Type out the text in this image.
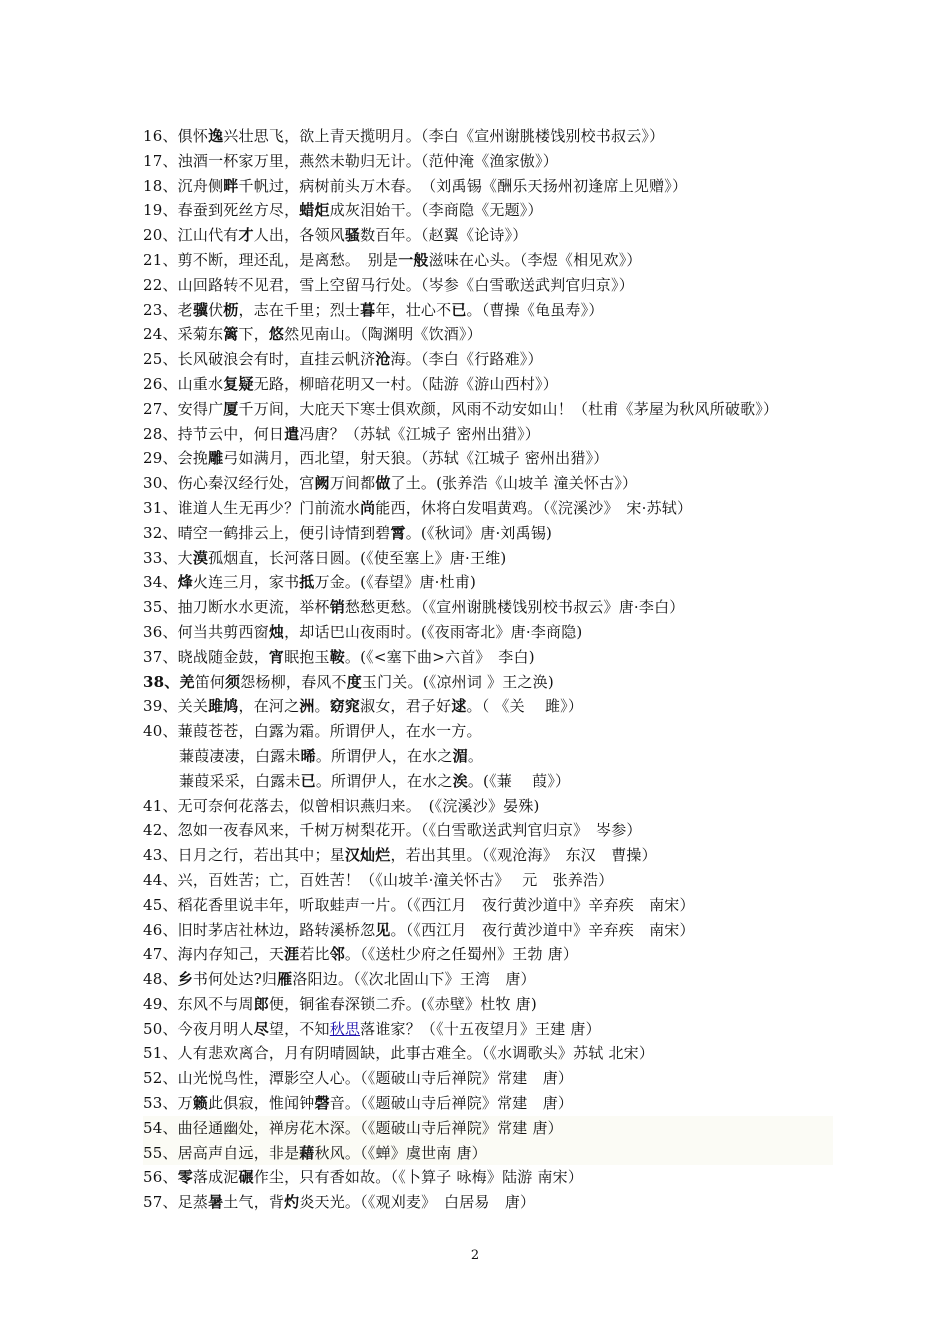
16、俱怀逸兴壮思飞，欲上青天揽明月。（李白《宣州谢朓楼饯别校书叔云》）
17、浊酒一杯家万里，燕然未勒归无计。（范仲淹《渔家傲》）
18、沉舟侧畔千帆过，病树前头万木春。　（刘禹锡《酬乐天扬州初逢席上见赠》）
19、春蚕到死丝方尽，蜡炬成灰泪始干。（李商隐《无题》）
20、江山代有才人出，各领风骚数百年。（赵翼《论诗》）
21、剪不断，理还乱，是离愁。　别是一般滋味在心头。（李煜《相见欢》）
22、山回路转不见君，雪上空留马行处。（岑参《白雪歌送武判官归京》）
23、老骥伏枥，志在千里；烈士暮年，壮心不已。（曹操《龟虽寿》）
24、采菊东篱下，悠然见南山。（陶渊明《饮酒》）
25、长风破浪会有时，直挂云帆济沧海。（李白《行路难》）
26、山重水复疑无路，柳暗花明又一村。（陆游《游山西村》）
27、安得广厦千万间，大庇天下寒士俱欢颜，风雨不动安如山！（杜甫《茅屋为秋风所破歌》）
28、持节云中，何日遣冯唐？（苏轼《江城子 密州出猎》）
29、会挽雕弓如满月，西北望，射天狼。（苏轼《江城子 密州出猎》）
30、伤心秦汉经行处，宫阙万间都做了土。(张养浩《山坡羊 潼关怀古》）
31、谁道人生无再少？门前流水尚能西，休将白发唱黄鸡。（《浣溪沙》　宋·苏轼）
32、晴空一鹤排云上，便引诗情到碧霄。(《秋词》唐·刘禹锡)
33、大漠孤烟直，长河落日圆。(《使至塞上》唐·王维)
34、烽火连三月，家书抵万金。(《春望》唐·杜甫)
35、抽刀断水水更流，举杯销愁愁更愁。（《宣州谢朓楼饯别校书叔云》唐·李白）
36、何当共剪西窗烛，却话巴山夜雨时。(《夜雨寄北》唐·李商隐)
37、晓战随金鼓，宵眠抱玉鞍。(《<塞下曲>六首》　李白)
38、羌笛何须怨杨柳，春风不度玉门关。(《凉州词 》王之涣)
39、关关雎鸠，在河之洲。窈窕淑女，君子好逑。（ 《关　 雎》）
40、蒹葭苍苍，白露为霜。所谓伊人，在水一方。
蒹葭凄凄，白露未晞。所谓伊人，在水之湄。
蒹葭采采，白露未已。所谓伊人，在水之涘。(《蒹　 葭》）
41、无可奈何花落去，似曾相识燕归来。　(《浣溪沙》晏殊)
42、忽如一夜春风来，千树万树梨花开。（《白雪歌送武判官归京》　岑参）
43、日月之行，若出其中；星汉灿烂，若出其里。（《观沧海》　东汉　曹操）
44、兴，百姓苦；亡，百姓苦！（《山坡羊·潼关怀古》　 元　张养浩）
45、稻花香里说丰年，听取蛙声一片。（《西江月　夜行黄沙道中》辛弃疾　南宋）
46、旧时茅店社林边，路转溪桥忽见。（《西江月　夜行黄沙道中》辛弃疾　南宋）
47、海内存知己，天涯若比邻。（《送杜少府之任蜀州》王勃 唐）
48、乡书何处达?归雁洛阳边。（《次北固山下》王湾　唐）
49、东风不与周郎便，铜雀春深锁二乔。(《赤壁》杜牧 唐)
50、今夜月明人尽望，不知秋思落谁家？（《十五夜望月》王建 唐）
51、人有悲欢离合，月有阴晴圆缺，此事古难全。（《水调歌头》苏轼 北宋）
52、山光悦鸟性，潭影空人心。（《题破山寺后禅院》常建　唐）
53、万籁此俱寂，惟闻钟磬音。（《题破山寺后禅院》常建　唐）
54、曲径通幽处，禅房花木深。（《题破山寺后禅院》常建 唐）
55、居高声自远，非是藉秋风。（《蝉》虞世南 唐）
56、零落成泥碾作尘，只有香如故。（《卜算子 咏梅》陆游 南宋）
57、足蒸暑土气，背灼炎天光。（《观刈麦》　白居易　唐）
2
